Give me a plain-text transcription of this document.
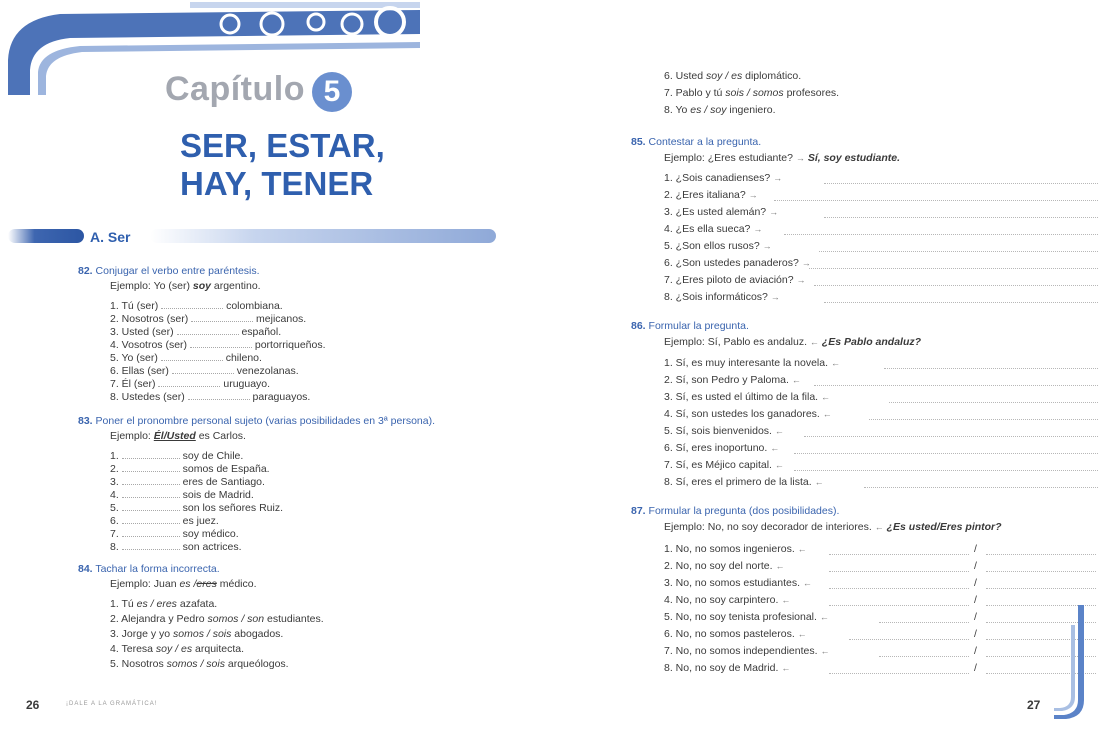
Capítulo 5
SER, ESTAR,
HAY, TENER
A. Ser
82. Conjugar el verbo entre paréntesis.
Ejemplo: Yo (ser) soy argentino.
1. Tú (ser)	colombiana.
2. Nosotros (ser)	mejicanos.
3. Usted (ser)	español.
4. Vosotros (ser)	portorriqueños.
5. Yo (ser)	chileno.
6. Ellas (ser)	venezolanas.
7. Él (ser)	uruguayo.
8. Ustedes (ser)	paraguayos.
83. Poner el pronombre personal sujeto (varias posibilidades en 3ª persona).
Ejemplo: Él/Usted es Carlos.
1.	soy de Chile.
2.	somos de España.
3.	eres de Santiago.
4.	sois de Madrid.
5.	son los señores Ruiz.
6.	es juez.
7.	soy médico.
8.	son actrices.
84. Tachar la forma incorrecta.
Ejemplo: Juan es /eres médico.
1. Tú es / eres azafata.
2. Alejandra y Pedro somos / son estudiantes.
3. Jorge y yo somos / sois abogados.
4. Teresa soy / es arquitecta.
5. Nosotros somos / sois arqueólogos.
26	¡DALE A LA GRAMÁTICA!
6. Usted soy / es diplomático.
7. Pablo y tú sois / somos profesores.
8. Yo es / soy ingeniero.
85. Contestar a la pregunta.
Ejemplo: ¿Eres estudiante? → Sí, soy estudiante.
1. ¿Sois canadienses? →
2. ¿Eres italiana? →
3. ¿Es usted alemán? →
4. ¿Es ella sueca? →
5. ¿Son ellos rusos? →
6. ¿Son ustedes panaderos? →
7. ¿Eres piloto de aviación? →
8. ¿Sois informáticos? →
86. Formular la pregunta.
Ejemplo: Sí, Pablo es andaluz. ← ¿Es Pablo andaluz?
1. Sí, es muy interesante la novela. ←
2. Sí, son Pedro y Paloma. ←
3. Sí, es usted el último de la fila. ←
4. Sí, son ustedes los ganadores. ←
5. Sí, sois bienvenidos. ←
6. Sí, eres inoportuno. ←
7. Sí, es Méjico capital. ←
8. Sí, eres el primero de la lista. ←
87. Formular la pregunta (dos posibilidades).
Ejemplo: No, no soy decorador de interiores. ← ¿Es usted/Eres pintor?
1. No, no somos ingenieros. ←	/
2. No, no soy del norte. ←	/
3. No, no somos estudiantes. ←	/
4. No, no soy carpintero. ←	/
5. No, no soy tenista profesional. ←	/
6. No, no somos pasteleros. ←	/
7. No, no somos independientes. ←	/
8. No, no soy de Madrid. ←	/
27
